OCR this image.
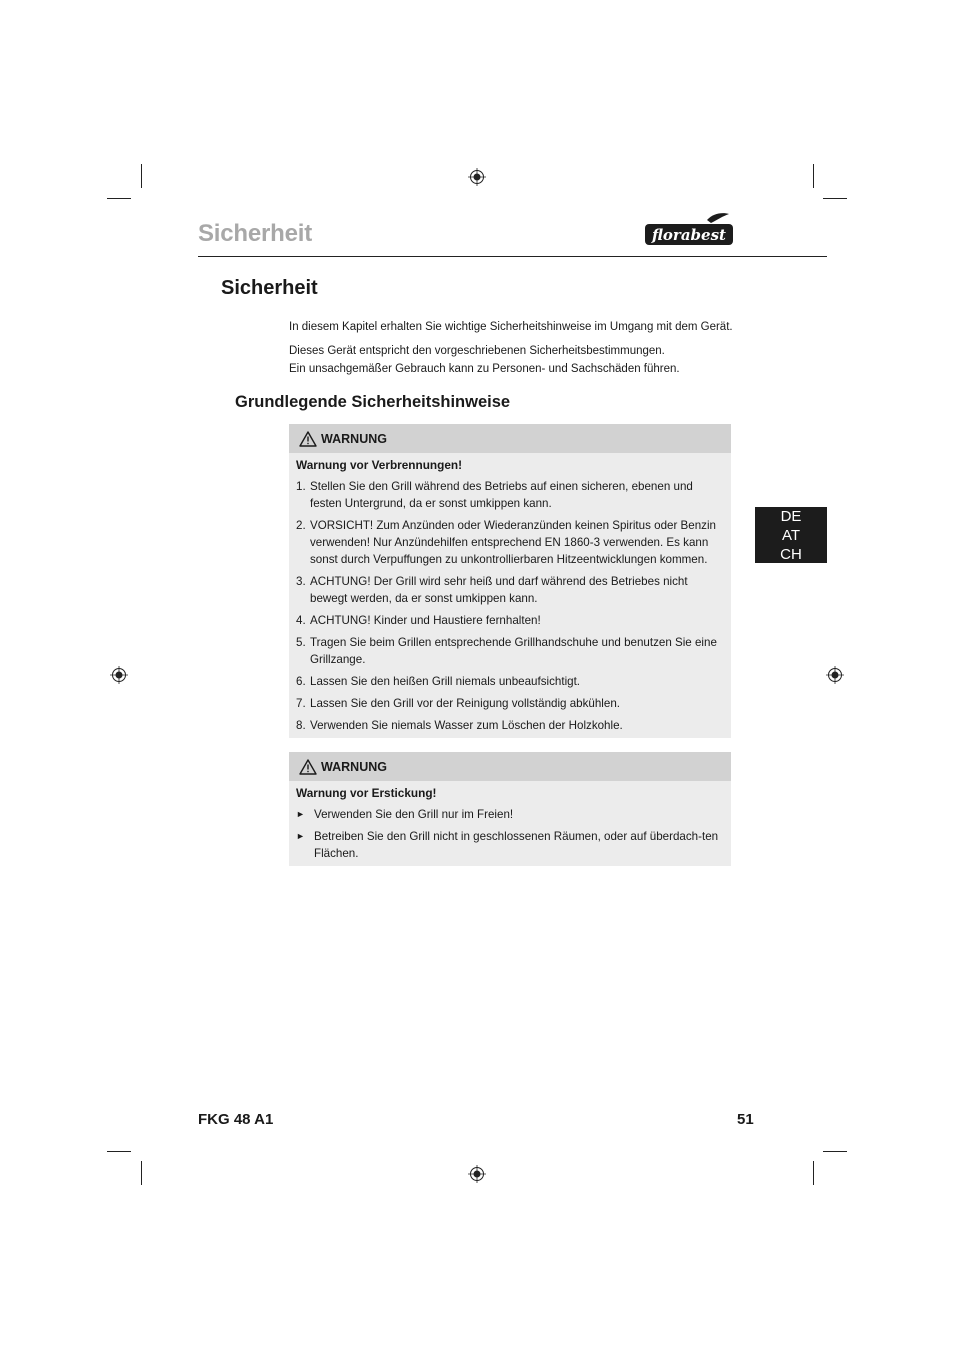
Sicherheit	florabest
DE
AT
CH
Sicherheit

In diesem Kapitel erhalten Sie wichtige Sicherheitshinweise im Umgang mit dem Gerät.

Dieses Gerät entspricht den vorgeschriebenen Sicherheitsbestimmungen.

Ein unsachgemäßer Gebrauch kann zu Personen- und Sachschäden führen.

Grundlegende Sicherheitshinweise
WARNUNG

Warnung vor Verbrennungen!

1. Stellen Sie den Grill während des Betriebs auf einen sicheren, ebenen und festen Untergrund, da er sonst umkippen kann.
2. VORSICHT! Zum Anzünden oder Wiederanzünden keinen Spiritus oder Benzin verwenden! Nur Anzündehilfen entsprechend EN 1860-3 verwenden. Es kann sonst durch Verpuffungen zu unkontrollierbaren Hitzeentwicklungen kommen.
3. ACHTUNG! Der Grill wird sehr heiß und darf während des Betriebes nicht bewegt werden, da er sonst umkippen kann.
4. ACHTUNG! Kinder und Haustiere fernhalten!
5. Tragen Sie beim Grillen entsprechende Grillhandschuhe und benutzen Sie eine Grillzange.
6. Lassen Sie den heißen Grill niemals unbeaufsichtigt.
7. Lassen Sie den Grill vor der Reinigung vollständig abkühlen.
8. Verwenden Sie niemals Wasser zum Löschen der Holzkohle.
WARNUNG

Warnung vor Erstickung!

► Verwenden Sie den Grill nur im Freien!
► Betreiben Sie den Grill nicht in geschlossenen Räumen, oder auf überdach-ten Flächen.
FKG 48 A1	51
